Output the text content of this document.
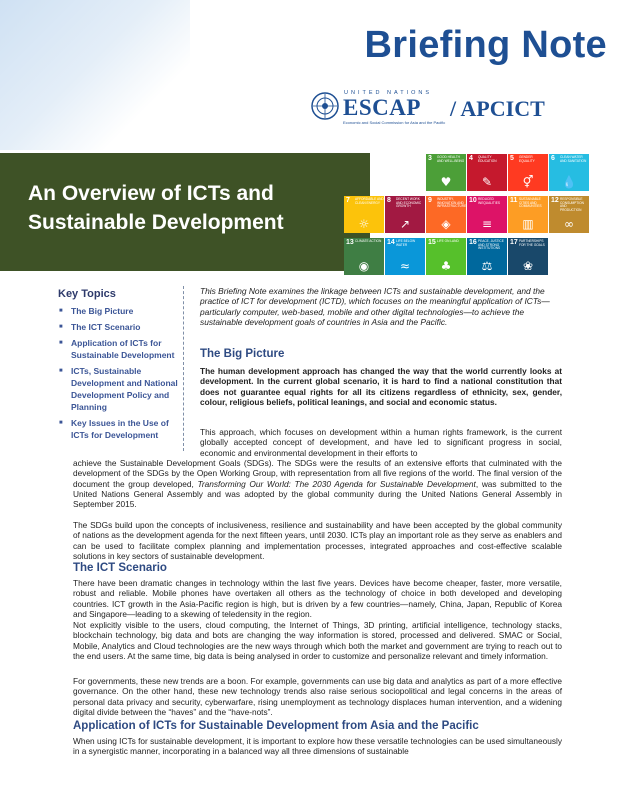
Briefing Note
UNITED NATIONS
ESCAP
Economic and Social Commission for Asia and the Pacific
/ APCICT
An Overview of ICTs and
Sustainable Development
3 GOOD HEALTH AND WELL-BEING
♥
4 QUALITY EDUCATION
✎
5 GENDER EQUALITY
⚥
6 CLEAN WATER AND SANITATION
💧
7 AFFORDABLE AND CLEAN ENERGY
☼
8 DECENT WORK AND ECONOMIC GROWTH
↗
9 INDUSTRY, INNOVATION AND INFRASTRUCTURE
◈
10 REDUCED INEQUALITIES
≡
11 SUSTAINABLE CITIES AND COMMUNITIES
▥
12 RESPONSIBLE CONSUMPTION AND PRODUCTION
∞
13 CLIMATE ACTION
◉
14 LIFE BELOW WATER
≈
15 LIFE ON LAND
♣
16 PEACE, JUSTICE AND STRONG INSTITUTIONS
⚖
17 PARTNERSHIPS FOR THE GOALS
❀
Key Topics
■ The Big Picture
■ The ICT Scenario
■ Application of ICTs for Sustainable Development
■ ICTs, Sustainable Development and National Development Policy and Planning
■ Key Issues in the Use of ICTs for Development
This Briefing Note examines the linkage between ICTs and sustainable development, and the practice of ICT for development (ICTD), which focuses on the meaningful application of ICTs—particularly computer, web-based, mobile and other digital technologies—to achieve the sustainable development goals of countries in Asia and the Pacific.
The Big Picture
The human development approach has changed the way that the world currently looks at development. In the current global scenario, it is hard to find a national constitution that does not guarantee equal rights for all its citizens regardless of ethnicity, sex, gender, colour, religious beliefs, political leanings, and social and economic status.
This approach, which focuses on development within a human rights framework, is the current globally accepted concept of development, and have led to significant progress in social, economic and environmental development in their efforts to
achieve the Sustainable Development Goals (SDGs). The SDGs were the results of an extensive efforts that culminated with the development of the SDGs by the Open Working Group, with representation from all five regions of the world. The final version of the document the group developed, Transforming Our World: The 2030 Agenda for Sustainable Development, was submitted to the United Nations General Assembly and was adopted by the global community during the United Nations General Assembly in September 2015.
The SDGs build upon the concepts of inclusiveness, resilience and sustainability and have been accepted by the global community of nations as the development agenda for the next fifteen years, until 2030. ICTs play an important role as they serve as enablers and can be used to facilitate complex planning and implementation processes, integrated approaches and cost-effective scalable solutions in key sectors of sustainable development.
The ICT Scenario
There have been dramatic changes in technology within the last five years. Devices have become cheaper, faster, more versatile, robust and reliable. Mobile phones have overtaken all others as the technology of choice in both developed and developing countries. ICT growth in the Asia-Pacific region is high, but is driven by a few countries—namely, China, Japan, Republic of Korea and Singapore—leading to a skewing of teledensity in the region.
Not explicitly visible to the users, cloud computing, the Internet of Things, 3D printing, artificial intelligence, technology stacks, blockchain technology, big data and bots are changing the way information is stored, processed and delivered. SMAC or Social, Mobile, Analytics and Cloud technologies are the new ways through which both the market and government are trying to reach out to the end users. At the same time, big data is being analysed in order to customize and personalize relevant and timely information.
For governments, these new trends are a boon. For example, governments can use big data and analytics as part of a more effective governance. On the other hand, these new technology trends also raise serious sociopolitical and legal concerns in the areas of personal data privacy and security, cyberwarfare, rising unemployment as technology displaces human intervention, and a widening digital divide between the “haves” and the “have-nots”.
Application of ICTs for Sustainable Development from Asia and the Pacific
When using ICTs for sustainable development, it is important to explore how these versatile technologies can be used simultaneously in a synergistic manner, incorporating in a balanced way all three dimensions of sustainable
